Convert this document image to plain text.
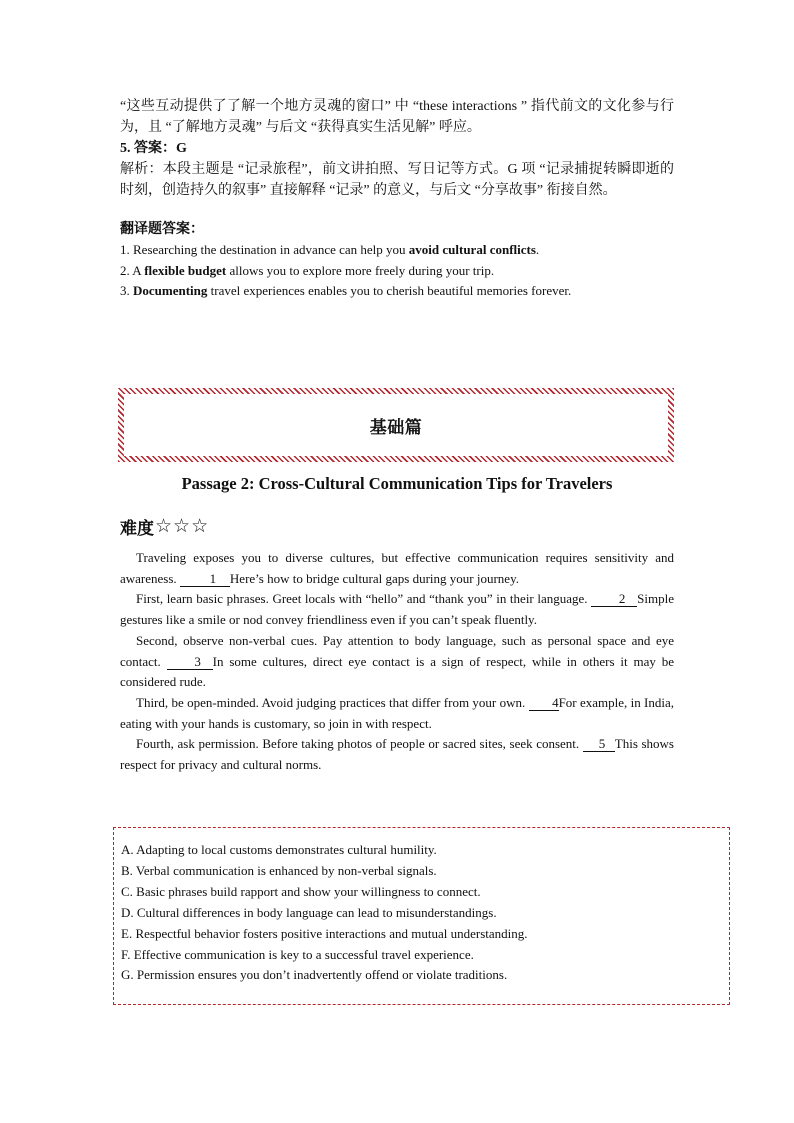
“这些互动提供了了解一个地方灵魂的窗口” 中 “these interactions ” 指代前文的文化参与行为，且 “了解地方灵魂” 与后文 “获得真实生活见解” 呼应。

5. 答案：G

解析：本段主题是 “记录旅程”，前文讲拍照、写日记等方式。G 项 “记录捕捉转瞬即逝的时刻，创造持久的叙事” 直接解释 “记录” 的意义，与后文 “分享故事” 衔接自然。

翻译题答案：

1. Researching the destination in advance can help you avoid cultural conflicts.

2. A flexible budget allows you to explore more freely during your trip.

3. Documenting travel experiences enables you to cherish beautiful memories forever.

基础篇
Passage 2: Cross-Cultural Communication Tips for Travelers
难度 ☆☆☆

Traveling exposes you to diverse cultures, but effective communication requires sensitivity and awareness. 1 Here’s how to bridge cultural gaps during your journey.

First, learn basic phrases. Greet locals with “hello” and “thank you” in their language. 2 Simple gestures like a smile or nod convey friendliness even if you can’t speak fluently.

Second, observe non-verbal cues. Pay attention to body language, such as personal space and eye contact. 3 In some cultures, direct eye contact is a sign of respect, while in others it may be considered rude.

Third, be open-minded. Avoid judging practices that differ from your own. 4For example, in India, eating with your hands is customary, so join in with respect.

Fourth, ask permission. Before taking photos of people or sacred sites, seek consent. 5 This shows respect for privacy and cultural norms.

A. Adapting to local customs demonstrates cultural humility.

B. Verbal communication is enhanced by non-verbal signals.

C. Basic phrases build rapport and show your willingness to connect.

D. Cultural differences in body language can lead to misunderstandings.

E. Respectful behavior fosters positive interactions and mutual understanding.

F. Effective communication is key to a successful travel experience.

G. Permission ensures you don’t inadvertently offend or violate traditions.
